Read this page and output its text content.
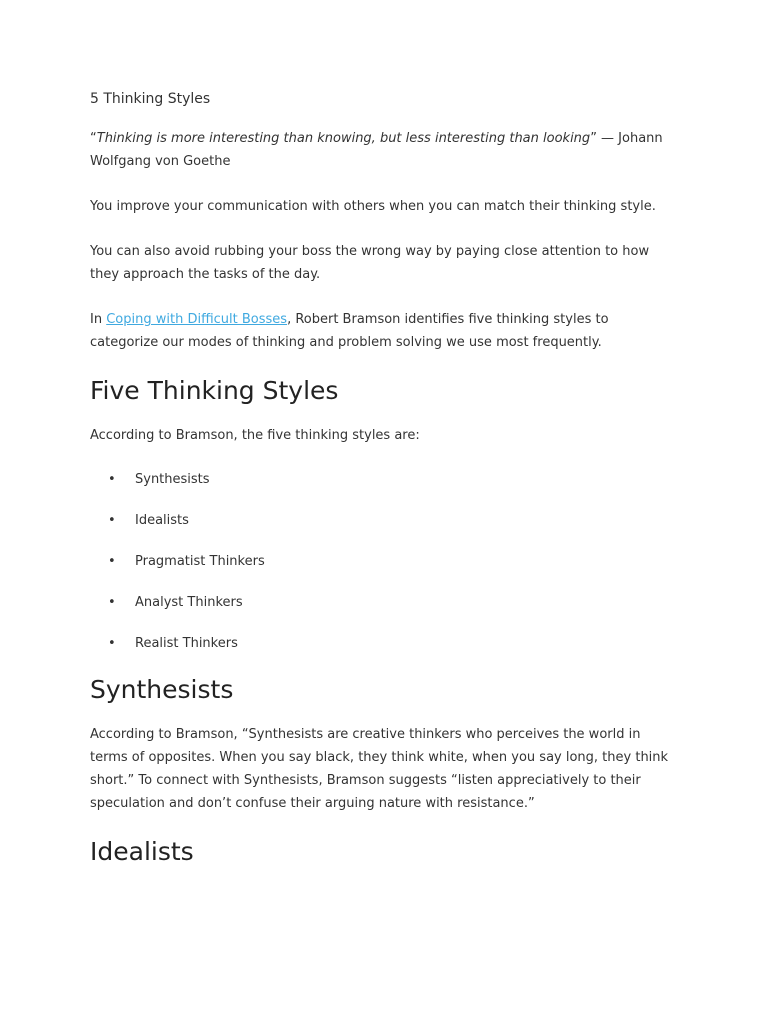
5 Thinking Styles

“Thinking is more interesting than knowing, but less interesting than looking” — Johann Wolfgang von Goethe

You improve your communication with others when you can match their thinking style.

You can also avoid rubbing your boss the wrong way by paying close attention to how they approach the tasks of the day.

In Coping with Difficult Bosses, Robert Bramson identifies five thinking styles to categorize our modes of thinking and problem solving we use most frequently.

Five Thinking Styles

According to Bramson, the five thinking styles are:

• Synthesists
• Idealists
• Pragmatist Thinkers
• Analyst Thinkers
• Realist Thinkers
Synthesists

According to Bramson, “Synthesists are creative thinkers who perceives the world in terms of opposites. When you say black, they think white, when you say long, they think short.” To connect with Synthesists, Bramson suggests “listen appreciatively to their speculation and don’t confuse their arguing nature with resistance.”

Idealists
